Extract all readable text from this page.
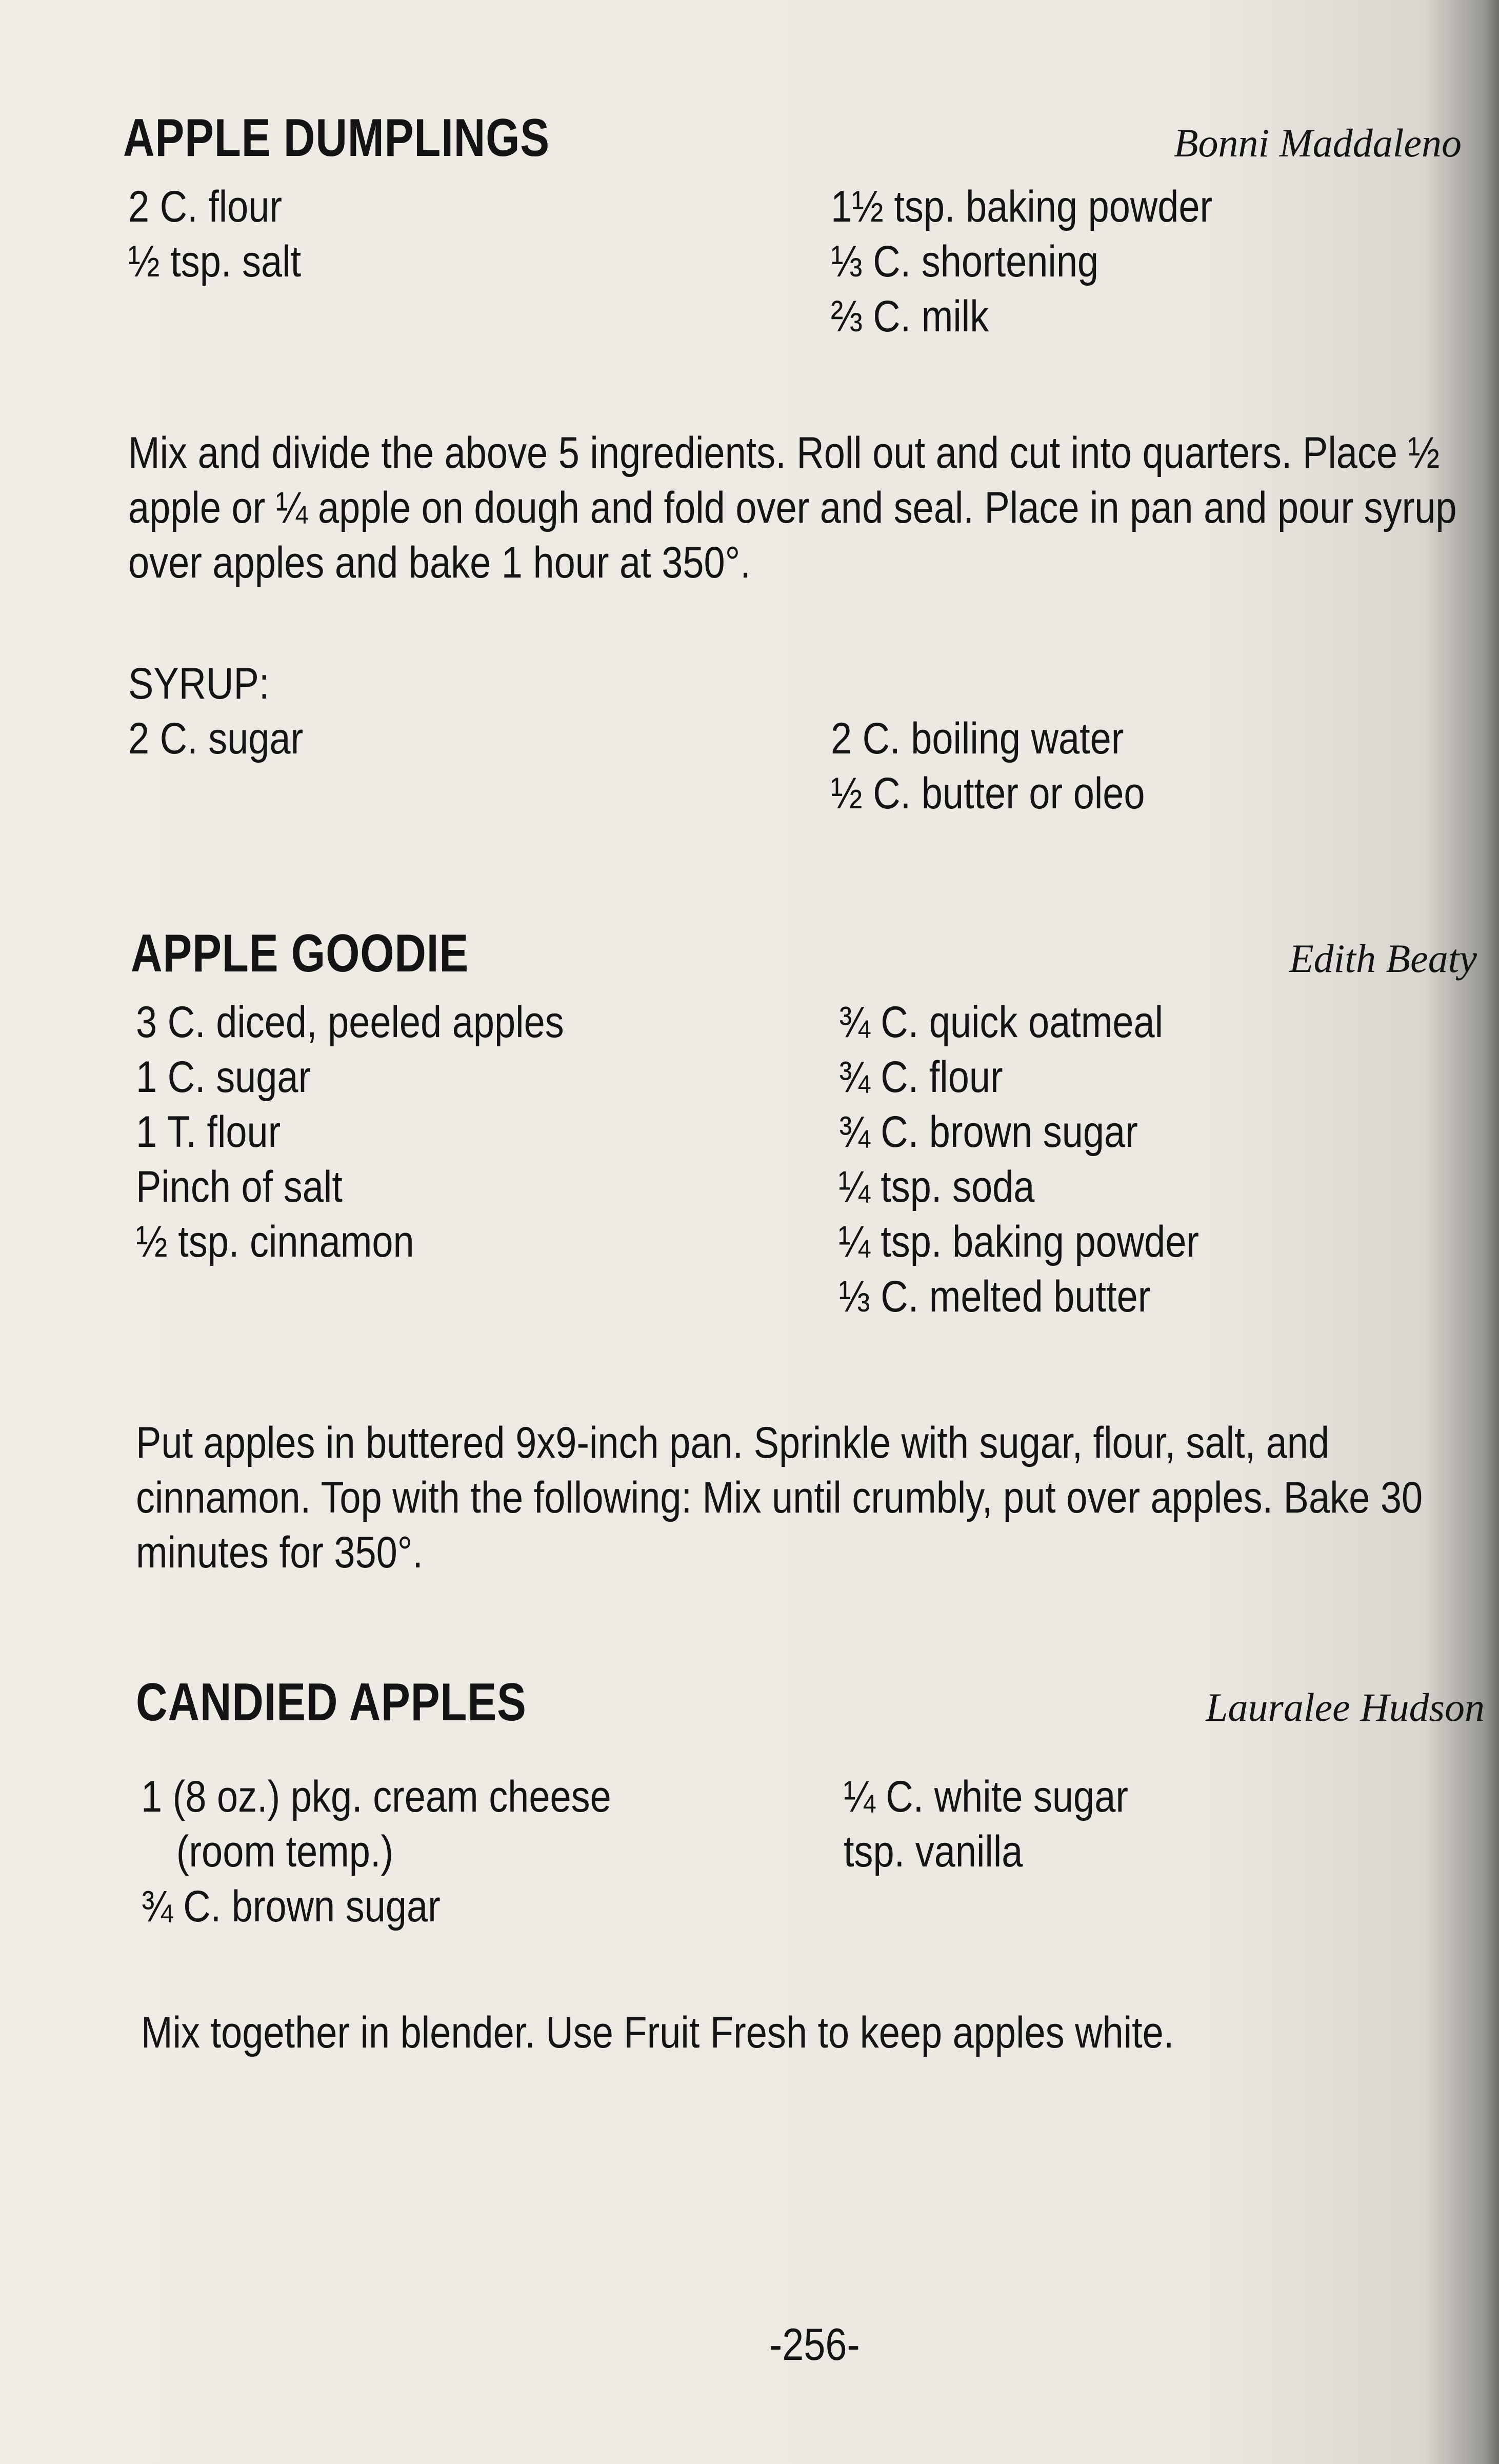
APPLE DUMPLINGS	Bonni Maddaleno
2 C. flour
½ tsp. salt
1½ tsp. baking powder
⅓ C. shortening
⅔ C. milk
Mix and divide the above 5 ingredients. Roll out and cut into quarters. Place ½ apple or ¼ apple on dough and fold over and seal. Place in pan and pour syrup over apples and bake 1 hour at 350°.
SYRUP:
2 C. sugar	2 C. boiling water
½ C. butter or oleo
APPLE GOODIE	Edith Beaty
3 C. diced, peeled apples
1 C. sugar
1 T. flour
Pinch of salt
½ tsp. cinnamon
¾ C. quick oatmeal
¾ C. flour
¾ C. brown sugar
¼ tsp. soda
¼ tsp. baking powder
⅓ C. melted butter
Put apples in buttered 9x9-inch pan. Sprinkle with sugar, flour, salt, and cinnamon. Top with the following: Mix until crumbly, put over apples. Bake 30 minutes for 350°.
CANDIED APPLES	Lauralee Hudson
1 (8 oz.) pkg. cream cheese
(room temp.)
¾ C. brown sugar
¼ C. white sugar
tsp. vanilla
Mix together in blender. Use Fruit Fresh to keep apples white.
-256-
